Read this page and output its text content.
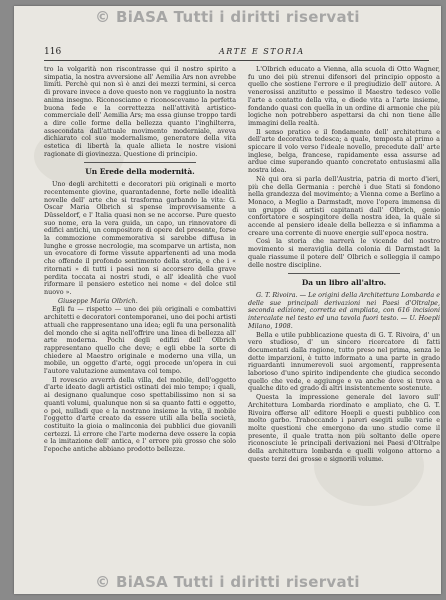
© BiASA Tutti i diritti riservati
116	ARTE E STORIA

tro la volgarità non riscontrasse qui il nostro spirito a simpatia, la nostra avversione all' Aemilia Ars non avrebbe limiti. Perchè qui non sì è anzi dei mezzi termini, si cerca di provare invece a dove questo non ve raggiunto la nostra anima insegno. Riconosciamo e riconoscevamo la perfetta buona fede e la correttezza nell'attività artistico-commerciale dell' Aemilia Ars; ma essa giunse troppo tardi a dire colle forme della bellezza quanto l'inghilterra, assecondata dall'attuale movimento moderniale, aveva dichiarato col suo modernalismo, generatore della vita estetica di libertà la quale allieta le nostre visioni ragionate di giovinezza. Questione di principio.

Un Erede della modernità.

Uno degli architetti e decoratori più originali e morto recentemente giovine, quarantadenne, forte nelle idealità novelle dell' arte che si trasforma garbando la vita: G. Oscar Maria Olbrich si spense improvvisamente a Düsseldorf, e l' Italia quasi non se ne accorse. Pure questo suo nome, era la vera guida, un capo, un rinnovatore di edifici antichi, un compositore di opere del presente, forse la commozione commemorativa si sarebbe diffusa in lunghe e grosse necrologie, ma scomparve un artista, non un evocatore di forme vissute appartenenti ad una moda che offende il profondo sentimento della storia, e che i « ritornati » di tutti i paesi non si accorsero della grave perdita toccata ai nostri studi, e all' idealità che vuol riformare il pensiero estetico nei nome « del dolce stil nuovo ».

Giuseppe Maria Olbrich.

Egli fu — rispetto — uno dei più originali e combattivi architetti e decoratori contemporanei, uno dei pochi artisti attuali che rappresentano una idea; egli fu una personalità del mondo che si agita nell'offrire una linea di bellezza all' arte moderna. Pochi degli edifizi dell' Olbrich rappresentano quello che deve; e egli ebbe la sorte di chiedere al Maestro originale e moderno una villa, un mobile, un oggetto d'arte, oggi procede un'opera in cui l'autore valutazione aumentava col tempo.

Il rovescio avverrà della villa, del mobile, dell'oggetto d'arte ideato dagli artistici ostinati dei mio tempo; i quali, ai designano qualunque coso spettabilissimo non si sa quanti volumi, qualunque non si sa quanto fatti e oggetto, o poi, nulladi que e la nostrano insieme la vita, il mobile l'oggetto d'arte creato da essere utili alla bella società, costituito la gioia o malinconia dei pubblici due giovanili certezzi. Lì errore che l'arte moderna deve ossere la copia e la imitazione dell' antica, e l' errore più grosso che solo l'epoche antiche abbiano prodotto bellezze.

L'Olbrich educato a Vienna, alla scuola di Otto Wagner, fu uno dei più strenui difensori del principio opposto a quello che sostiene l'errore e il pregiudizio dell' autore. A venerosissi anzitutto e pessimo il Maestro tedesco volle l'arte a contatto della vita, e diede vita a l'arte insieme, fondando quasi con quella in un ordine di armonie che più logiche non potrebbero aspettarsi da chi non tiene alle immagini della realtà.

Il senso pratico e il fondamento dell' architettura e dell'arte decorativa tedesca; a quale, temposta al primo a spiccare il volo verso l'ideale novello, precedute dall' arte inglese, belga, francese, rapidamente essa assurse ad ardue cime superando quanto concretato entusiasmi alla nostra idea.

Nè qui ora si parla dell'Austria, patria di morto d'ieri, più che della Germania : perchè i due Stati si fondono nella grandezza del movimento; a Vienna come a Berlino a Monaco, a Meglio a Darmstadt, move l'opera immensa di un gruppo di artisti capitanati dall' Olbrich, genio confortatore e sospingitore della nostra idea, la quale si accende al pensiero ideale della bellezza e si infiamma a creare una corrente di nuove energie sull'epoca nostra.

Così la storia che narrerà le vicende del nostro movimento si meraviglia della colonia di Darmstadt la quale riassume il potere dell' Olbrich e solleggia il campo delle nostre discipline.

Da un libro all'altro.

G. T. Rivoira. — Le origini della Architettura Lombarda e delle sue principali derivazioni nei Paesi d'Oltralpe, seconda edizione, corretta ed ampliata, con 616 incisioni intercalate nel testo ed una tavola fuori testo. — U. Hoepli Milano, 1908.

Bella e utile pubblicazione questa di G. T. Rivoira, d' un vero studioso, d' un sincero ricercatore di fatti documentati dalla ragione, tutto preso nel prima, senza le dette imparzioni, è tutto informato a una parte in grado riguardanti innumerevoli suoi argomenti, rappresenta laborioso d'uno spirito indipendente che giudica secondo quello che vede, e aggiunge e va anche dove si trova a qualche dito ed grado di altri insistentemente sostenute.

Questa la impressione generale del lavoro sull' Architettura Lombarda riordinato e ampliato, che G. T. Rivoira offerse all' editore Hoepli e questi pubblico con molto garbo. Traboccando i pareri esegiti sulle varie e molte questioni che emergono da uno studio come il presente, il quale tratta non più soltanto delle opere riconosciute le principali derivazioni nei Paesi d'Oltralpe della architettura lombarda e quelli volgono attorno a queste terzi dei grosse e signorili volume.

© BiASA Tutti i diritti riservati
